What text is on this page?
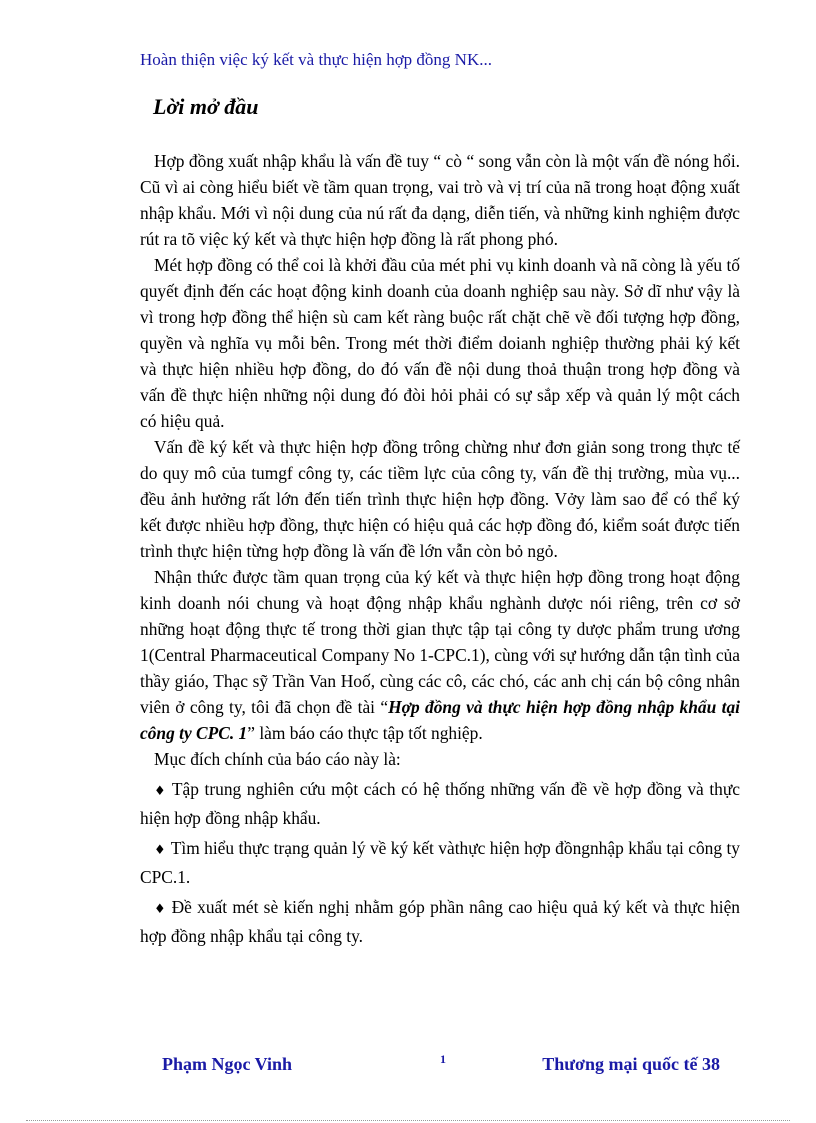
Hoàn thiện việc ký kết và thực hiện hợp đồng NK...
Lời mở đầu

Hợp đồng xuất nhập khẩu là vấn đề tuy “ cò “ song vẫn còn là một vấn đề nóng hổi. Cũ vì ai còng hiểu biết về tầm quan trọng, vai trò và vị trí của nã trong hoạt động xuất nhập khẩu. Mới vì nội dung của nú rất đa dạng, diễn tiến, và những kinh nghiệm được rút ra tõ việc ký kết và thực hiện hợp đồng là rất phong phó.

Mét hợp đồng có thể coi là khởi đầu của mét phi vụ kinh doanh và nã còng là yếu tố quyết định đến các hoạt động kinh doanh của doanh nghiệp sau này. Sở dĩ như vậy là vì trong hợp đồng thể hiện sù cam kết ràng buộc rất chặt chẽ về đối tượng hợp đồng, quyền và nghĩa vụ mỗi bên. Trong mét thời điểm doianh nghiệp thường phải ký kết và thực hiện nhiều hợp đồng, do đó vấn đề nội dung thoả thuận trong hợp đồng và vấn đề thực hiện những nội dung đó đòi hỏi phải có sự sắp xếp và quản lý một cách có hiệu quả.

Vấn đề ký kết và thực hiện hợp đồng trông chừng như đơn giản song trong thực tế do quy mô của tumgf công ty, các tiềm lực của công ty, vấn đề thị trường, mùa vụ... đều ảnh hưởng rất lớn đến tiến trình thực hiện hợp đồng. Vởy làm sao để có thể ký kết được nhiều hợp đồng, thực hiện có hiệu quả các hợp đồng đó, kiểm soát được tiến trình thực hiện từng hợp đồng là vấn đề lớn vẫn còn bỏ ngỏ.

Nhận thức được tầm quan trọng của ký kết và thực hiện hợp đồng trong hoạt động kinh doanh nói chung và hoạt động nhập khẩu nghành dược nói riêng, trên cơ sở những hoạt động thực tế trong thời gian thực tập tại công ty dược phẩm trung ương 1(Central Pharmaceutical Company No 1-CPC.1), cùng với sự hướng dẫn tận tình của thầy giáo, Thạc sỹ Trần Van Hoố, cùng các cô, các chó, các anh chị cán bộ công nhân viên ở công ty, tôi đã chọn đề tài “Hợp đồng và thực hiện hợp đồng nhập khẩu tại công ty CPC. 1” làm báo cáo thực tập tốt nghiệp.

Mục đích chính của báo cáo này là:

♦ Tập trung nghiên cứu một cách có hệ thống những vấn đề về hợp đồng và thực hiện hợp đồng nhập khẩu.

♦ Tìm hiểu thực trạng quản lý về ký kết vàthực hiện hợp đồngnhập khẩu tại công ty CPC.1.

♦ Đề xuất mét sè kiến nghị nhằm góp phần nâng cao hiệu quả ký kết và thực hiện hợp đồng nhập khẩu tại công ty.

Phạm Ngọc Vinh	1	Thương mại quốc tế 38
